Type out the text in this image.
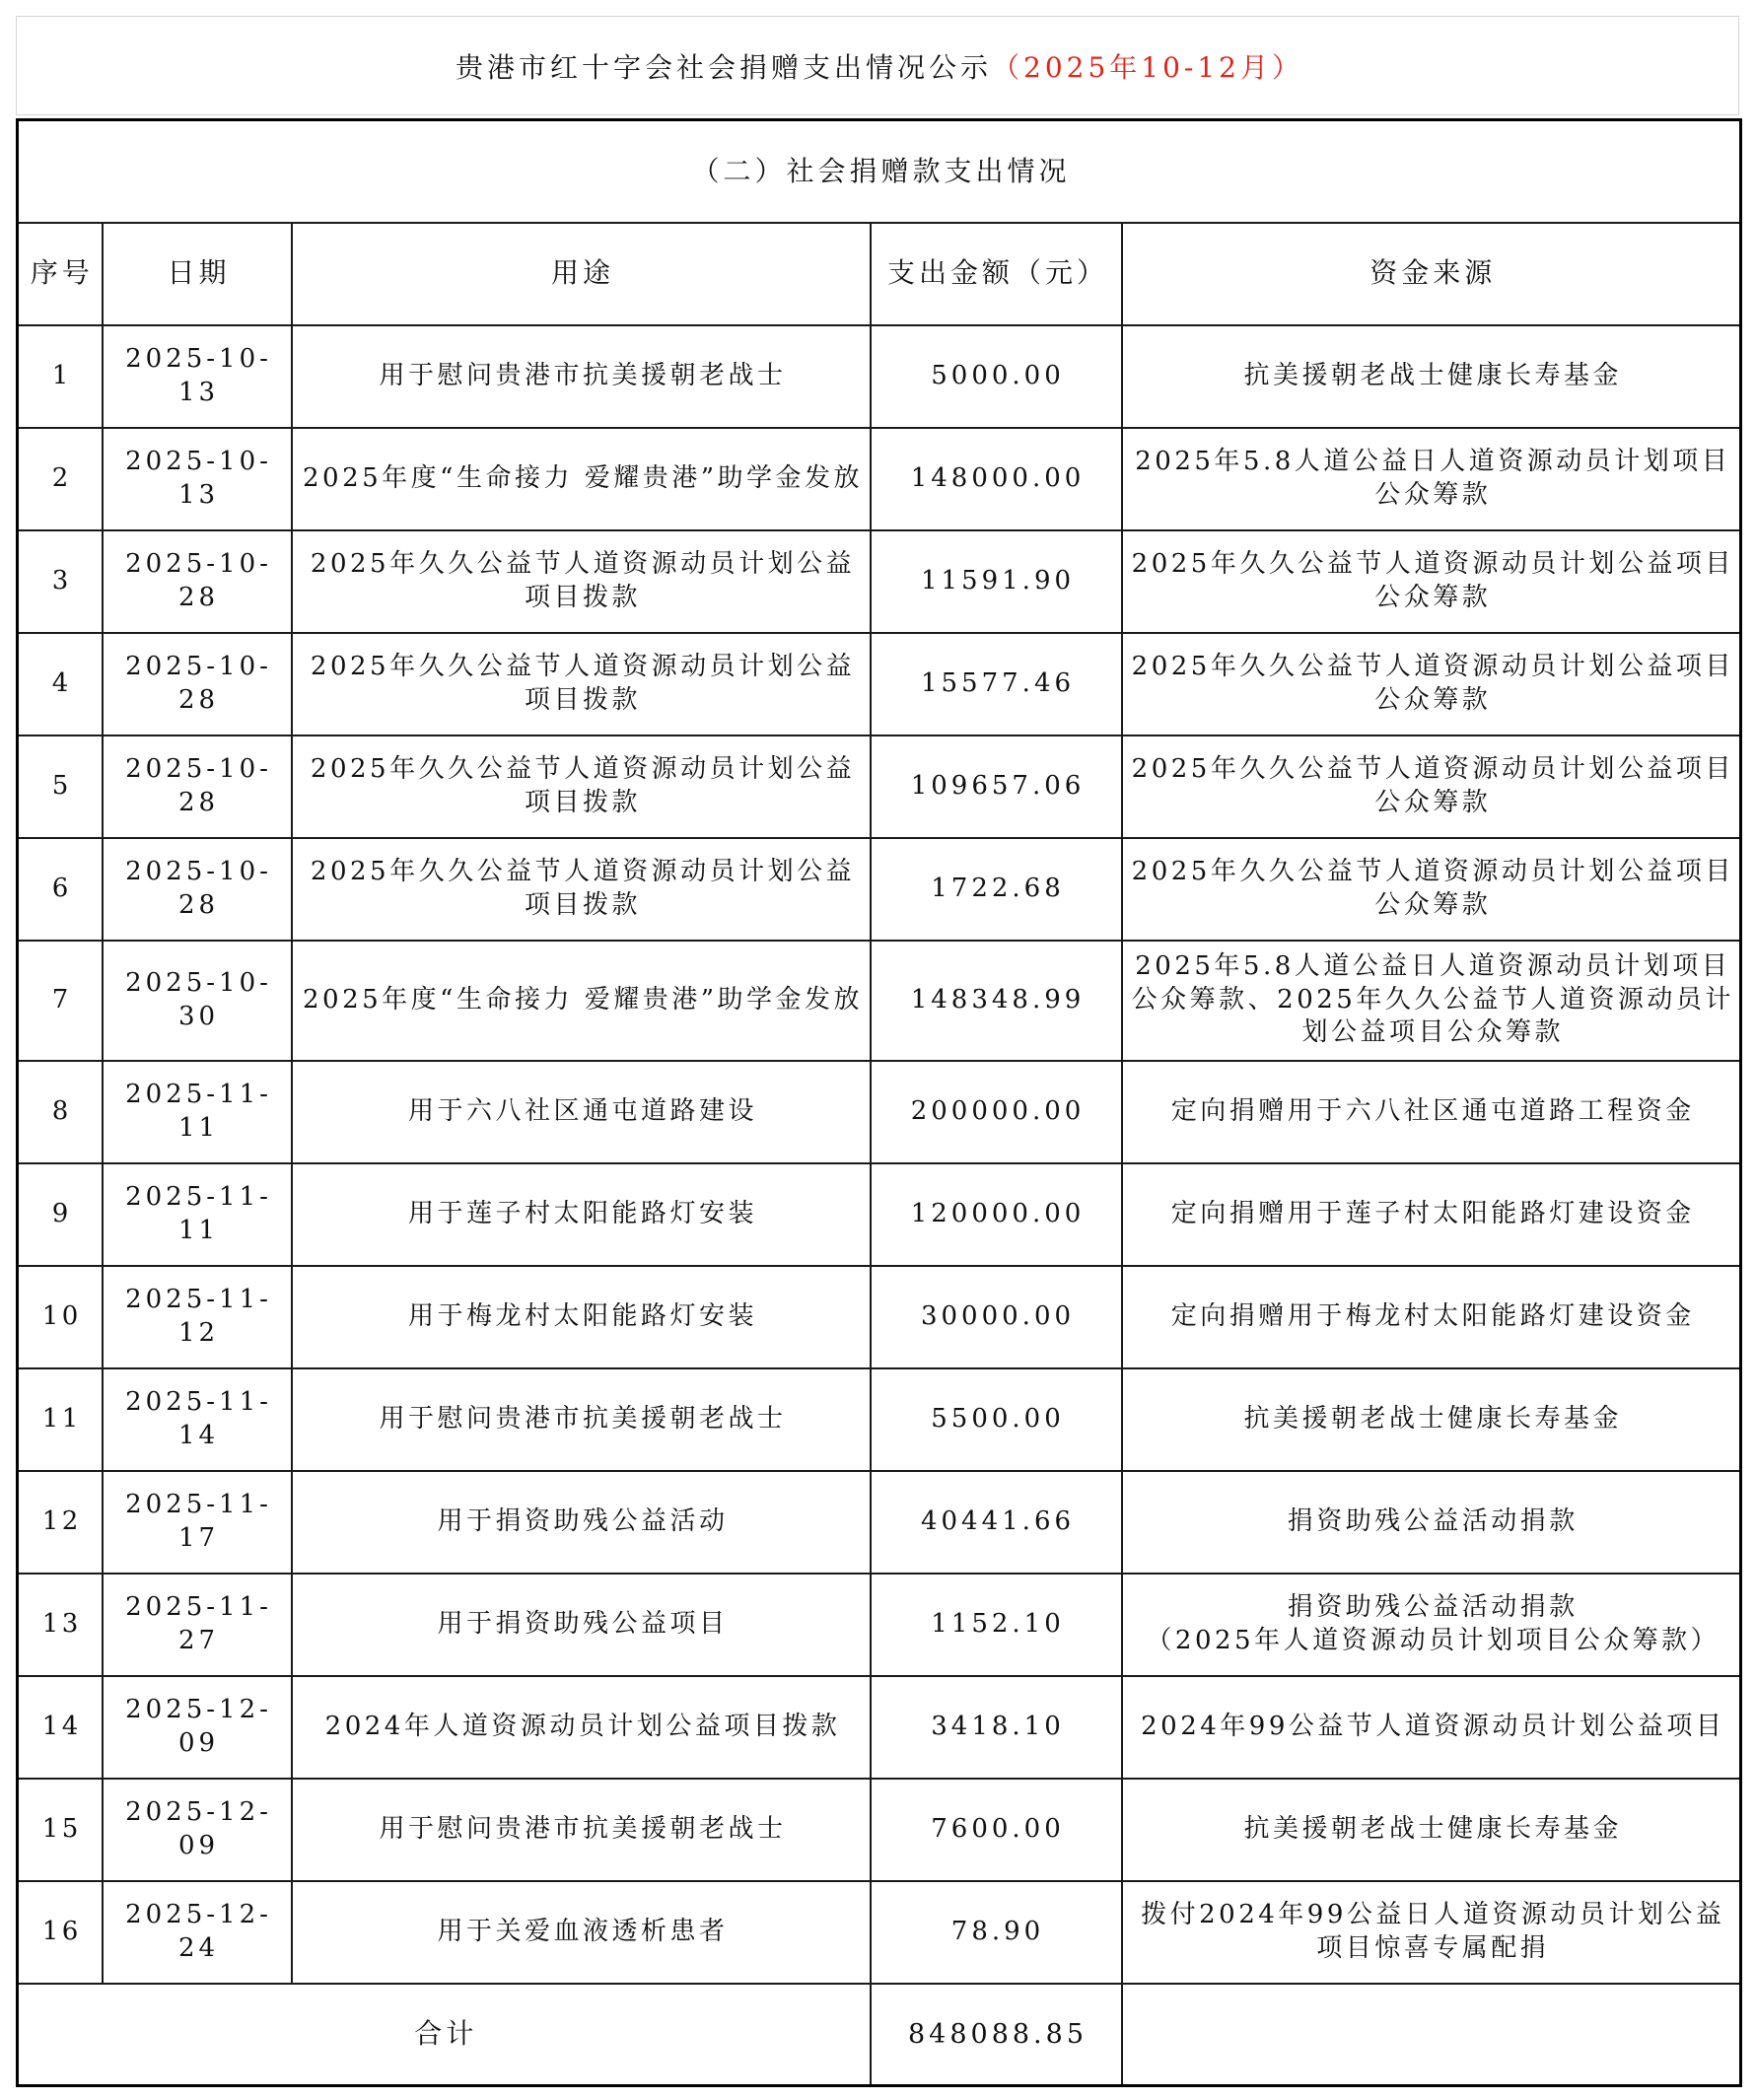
贵港市红十字会社会捐赠支出情况公示 （2025年10-12月）
（二）社会捐赠款支出情况				
序号	日期	用途	支出金额（元）	资金来源
1	2025-10-13	用于慰问贵港市抗美援朝老战士	5000.00	抗美援朝老战士健康长寿基金
2	2025-10-13	2025年度“生命接力 爱耀贵港”助学金发放	148000.00	2025年5.8人道公益日人道资源动员计划项目公众筹款
3	2025-10-28	2025年久久公益节人道资源动员计划公益项目拨款	11591.90	2025年久久公益节人道资源动员计划公益项目公众筹款
4	2025-10-28	2025年久久公益节人道资源动员计划公益项目拨款	15577.46	2025年久久公益节人道资源动员计划公益项目公众筹款
5	2025-10-28	2025年久久公益节人道资源动员计划公益项目拨款	109657.06	2025年久久公益节人道资源动员计划公益项目公众筹款
6	2025-10-28	2025年久久公益节人道资源动员计划公益项目拨款	1722.68	2025年久久公益节人道资源动员计划公益项目公众筹款
7	2025-10-30	2025年度“生命接力 爱耀贵港”助学金发放	148348.99	2025年5.8人道公益日人道资源动员计划项目公众筹款、2025年久久公益节人道资源动员计划公益项目公众筹款
8	2025-11-11	用于六八社区通屯道路建设	200000.00	定向捐赠用于六八社区通屯道路工程资金
9	2025-11-11	用于莲子村太阳能路灯安装	120000.00	定向捐赠用于莲子村太阳能路灯建设资金
10	2025-11-12	用于梅龙村太阳能路灯安装	30000.00	定向捐赠用于梅龙村太阳能路灯建设资金
11	2025-11-14	用于慰问贵港市抗美援朝老战士	5500.00	抗美援朝老战士健康长寿基金
12	2025-11-17	用于捐资助残公益活动	40441.66	捐资助残公益活动捐款
13	2025-11-27	用于捐资助残公益项目	1152.10	捐资助残公益活动捐款
（2025年人道资源动员计划项目公众筹款）
14	2025-12-09	2024年人道资源动员计划公益项目拨款	3418.10	2024年99公益节人道资源动员计划公益项目
15	2025-12-09	用于慰问贵港市抗美援朝老战士	7600.00	抗美援朝老战士健康长寿基金
16	2025-12-24	用于关爱血液透析患者	78.90	拨付2024年99公益日人道资源动员计划公益项目惊喜专属配捐
合计			848088.85	
